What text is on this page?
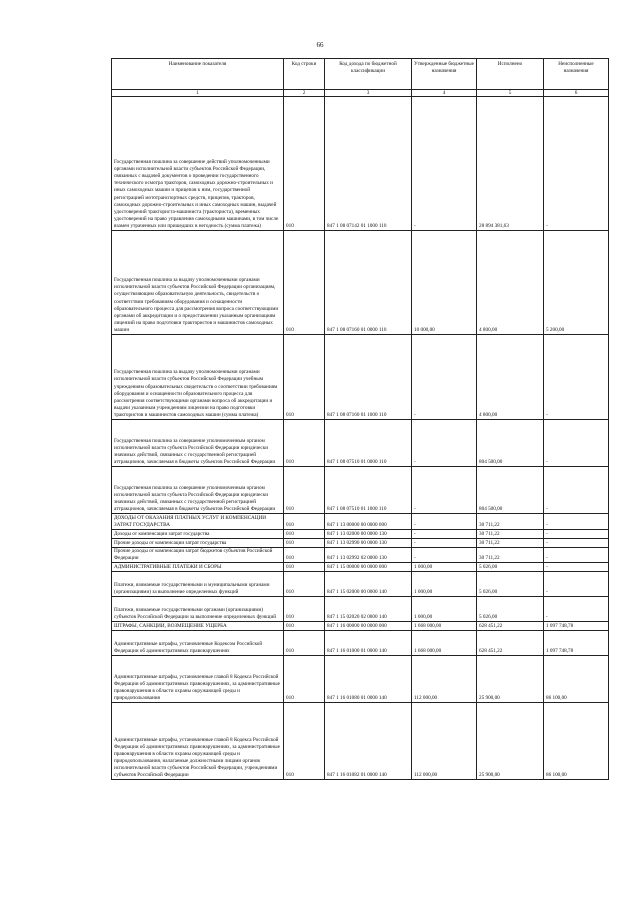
66
Наименование показателя	Код строки	Код дохода по бюджетной классификации	Утвержденные бюджетные назначения	Исполнено	Неисполненные назначения
1	2	3	4	5	6
Государственная пошлина за совершение действий уполномоченными органами исполнительной власти субъектов Российской Федерации, связанных с выдачей документов о проведении государственного технического осмотра тракторов, самоходных дорожно-строительных и иных самоходных машин и прицепов к ним, государственной регистрацией мототранспортных средств, прицепов, тракторов, самоходных дорожно-строительных и иных самоходных машин, выдачей удостоверений тракториста-машиниста (тракториста), временных удостоверений на право управления самоходными машинами, в том числе взамен утраченных или пришедших в негодность (сумма платежа)	010	847 1 08 07142 01 1000 110	-	28 894 381,63	-
Государственная пошлина за выдачу уполномоченными органами исполнительной власти субъектов Российской Федерации организациям, осуществляющим образовательную деятельность, свидетельств о соответствии требованиям оборудования и оснащенности образовательного процесса для рассмотрения вопроса соответствующими органами об аккредитации и о предоставлении указанным организациям лицензий на право подготовки трактористов и машинистов самоходных машин	010	847 1 08 07160 01 0000 110	10 000,00	4 800,00	5 200,00
Государственная пошлина за выдачу уполномоченными органами исполнительной власти субъектов Российской Федерации учебным учреждениям образовательных свидетельств о соответствии требованиям оборудования и оснащенности образовательного процесса для рассмотрения соответствующими органами вопроса об аккредитации и выдачи указанным учреждениям лицензии на право подготовки трактористов и машинистов самоходных машин (сумма платежа)	010	847 1 08 07160 01 1000 110	-	4 800,00	-
Государственная пошлина за совершение уполномоченным органом исполнительной власти субъекта Российской Федерации юридически значимых действий, связанных с государственной регистрацией аттракционов, зачисляемая в бюджеты субъектов Российской Федерации	010	847 1 08 07510 01 0000 110	-	804 500,00	-
Государственная пошлина за совершение уполномоченным органом исполнительной власти субъекта Российской Федерации юридически значимых действий, связанных с государственной регистрацией аттракционов, зачисляемая в бюджеты субъектов Российской Федерации	010	847 1 08 07510 01 1000 110	-	804 500,00	-
ДОХОДЫ ОТ ОКАЗАНИЯ ПЛАТНЫХ УСЛУГ И КОМПЕНСАЦИИ ЗАТРАТ ГОСУДАРСТВА	010	847 1 13 00000 00 0000 000	-	30 711,22	-
Доходы от компенсации затрат государства	010	847 1 13 02000 00 0000 130	-	30 711,22	-
Прочие доходы от компенсации затрат государства	010	847 1 13 02990 00 0000 130	-	30 711,22	-
Прочие доходы от компенсации затрат бюджетов субъектов Российской Федерации	010	847 1 13 02992 02 0000 130	-	30 711,22	-
АДМИНИСТРАТИВНЫЕ ПЛАТЕЖИ И СБОРЫ	010	847 1 15 00000 00 0000 000	1 000,00	5 026,00	-
Платежи, взимаемые государственными и муниципальными органами (организациями) за выполнение определенных функций	010	847 1 15 02000 00 0000 140	1 000,00	5 026,00	-
Платежи, взимаемые государственными органами (организациями) субъектов Российской Федерации за выполнение определенных функций	010	847 1 15 02020 02 0000 140	1 000,00	5 026,00	-
ШТРАФЫ, САНКЦИИ, ВОЗМЕЩЕНИЕ УЩЕРБА	010	847 1 16 00000 00 0000 000	1 668 000,00	628 451,22	1 097 748,78
Административные штрафы, установленные Кодексом Российской Федерации об административных правонарушениях	010	847 1 16 01000 01 0000 140	1 668 000,00	628 451,22	1 097 748,78
Административные штрафы, установленные главой 8 Кодекса Российской Федерации об административных правонарушениях, за административные правонарушения в области охраны окружающей среды и природопользования	010	847 1 16 01080 01 0000 140	112 000,00	25 900,00	86 100,00
Административные штрафы, установленные главой 8 Кодекса Российской Федерации об административных правонарушениях, за административные правонарушения в области охраны окружающей среды и природопользования, налагаемые должностными лицами органов исполнительной власти субъектов Российской Федерации, учреждениями субъектов Российской Федерации	010	847 1 16 01082 01 0000 140	112 000,00	25 900,00	86 100,00
